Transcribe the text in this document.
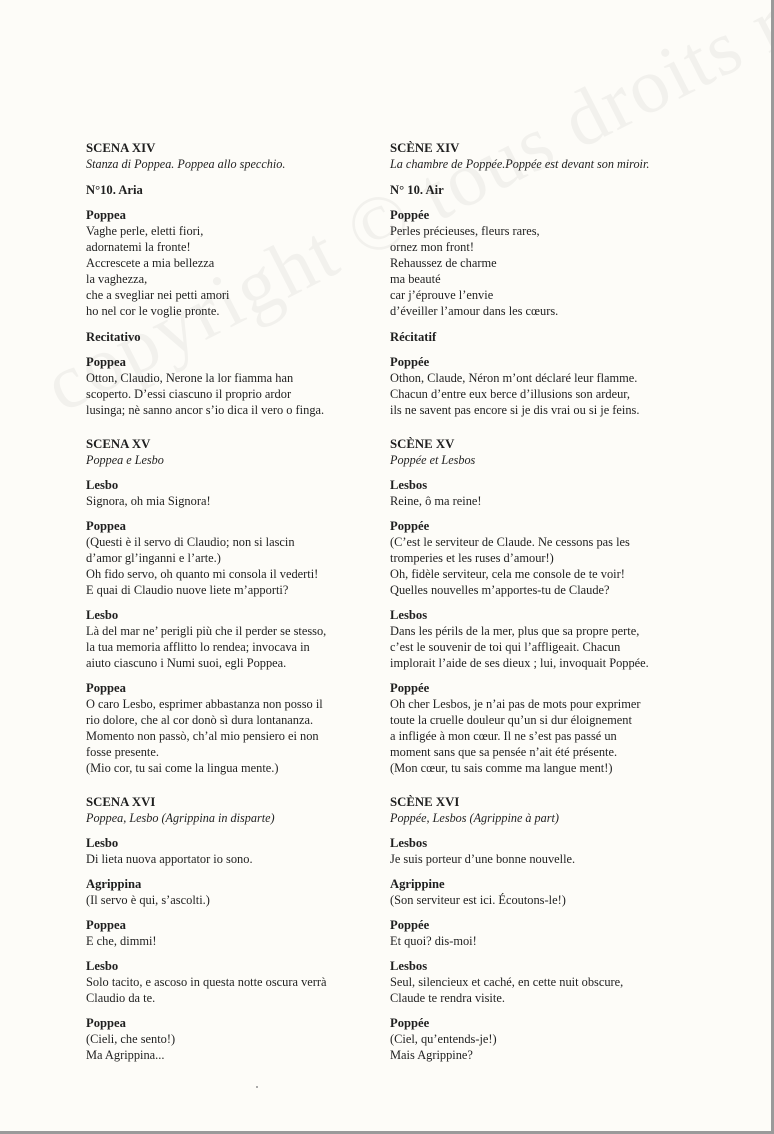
SCENA XIV
Stanza di Poppea. Poppea allo specchio.
N°10. Aria
Poppea
Vaghe perle, eletti fiori,
adornatemi la fronte!
Accrescete a mia bellezza
la vaghezza,
che a svegliar nei petti amori
ho nel cor le voglie pronte.
Recitativo
Poppea
Otton, Claudio, Nerone la lor fiamma han
scoperto. D’essi ciascuno il proprio ardor
lusinga; nè sanno ancor s’io dica il vero o finga.
SCENA XV
Poppea e Lesbo
Lesbo
Signora, oh mia Signora!
Poppea
(Questi è il servo di Claudio; non si lascin
d’amor gl’inganni e l’arte.)
Oh fido servo, oh quanto mi consola il vederti!
E quai di Claudio nuove liete m’apporti?
Lesbo
Là del mar ne’ perigli più che il perder se stesso,
la tua memoria afflitto lo rendea; invocava in
aiuto ciascuno i Numi suoi, egli Poppea.
Poppea
O caro Lesbo, esprimer abbastanza non posso il
rio dolore, che al cor donò sì dura lontananza.
Momento non passò, ch’al mio pensiero ei non
fosse presente.
(Mio cor, tu sai come la lingua mente.)
SCENA XVI
Poppea, Lesbo (Agrippina in disparte)
Lesbo
Di lieta nuova apportator io sono.
Agrippina
(Il servo è qui, s’ascolti.)
Poppea
E che, dimmi!
Lesbo
Solo tacito, e ascoso in questa notte oscura verrà
Claudio da te.
Poppea
(Cieli, che sento!)
Ma Agrippina...
SCÈNE XIV
La chambre de Poppée.Poppée est devant son miroir.
N° 10. Air
Poppée
Perles précieuses, fleurs rares,
ornez mon front!
Rehaussez de charme
ma beauté
car j’éprouve l’envie
d’éveiller l’amour dans les cœurs.
Récitatif
Poppée
Othon, Claude, Néron m’ont déclaré leur flamme.
Chacun d’entre eux berce d’illusions son ardeur,
ils ne savent pas encore si je dis vrai ou si je feins.
SCÈNE XV
Poppée et Lesbos
Lesbos
Reine, ô ma reine!
Poppée
(C’est le serviteur de Claude. Ne cessons pas les
tromperies et les ruses d’amour!)
Oh, fidèle serviteur, cela me console de te voir!
Quelles nouvelles m’apportes-tu de Claude?
Lesbos
Dans les périls de la mer, plus que sa propre perte,
c’est le souvenir de toi qui l’affligeait. Chacun
implorait l’aide de ses dieux ; lui, invoquait Poppée.
Poppée
Oh cher Lesbos, je n’ai pas de mots pour exprimer
toute la cruelle douleur qu’un si dur éloignement
a infligée à mon cœur. Il ne s’est pas passé un
moment sans que sa pensée n’ait été présente.
(Mon cœur, tu sais comme ma langue ment!)
SCÈNE XVI
Poppée, Lesbos (Agrippine à part)
Lesbos
Je suis porteur d’une bonne nouvelle.
Agrippine
(Son serviteur est ici. Écoutons-le!)
Poppée
Et quoi? dis-moi!
Lesbos
Seul, silencieux et caché, en cette nuit obscure,
Claude te rendra visite.
Poppée
(Ciel, qu’entends-je!)
Mais Agrippine?
